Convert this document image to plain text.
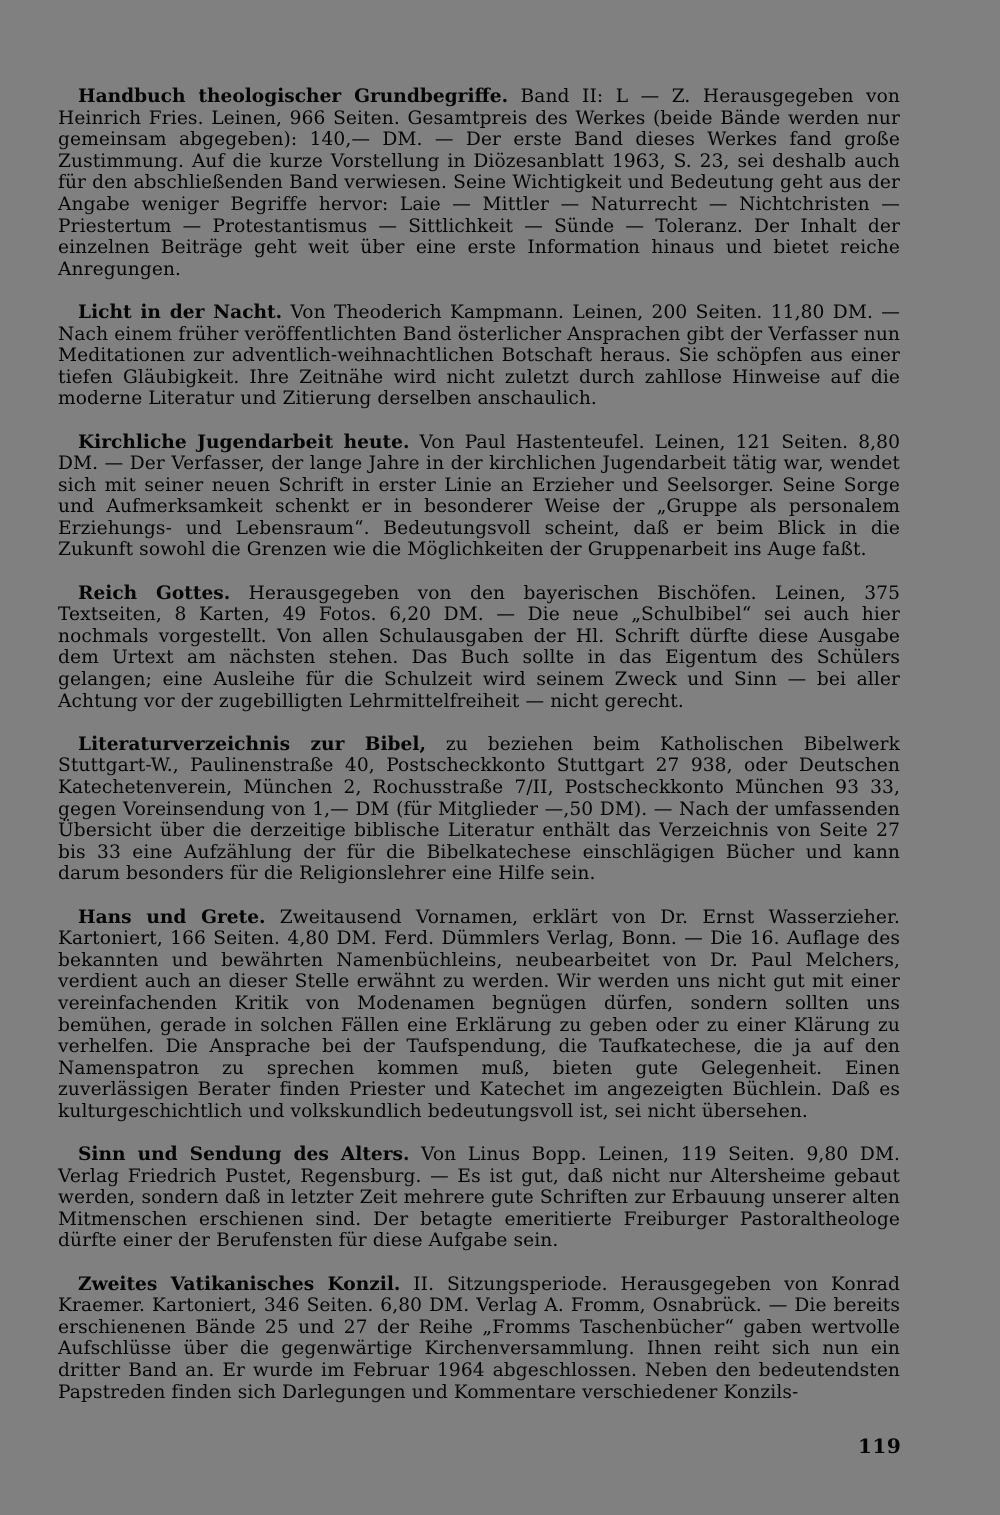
Handbuch theologischer Grundbegriffe. Band II: L — Z. Herausgegeben von Heinrich Fries. Leinen, 966 Seiten. Gesamtpreis des Werkes (beide Bände werden nur gemeinsam abgegeben): 140,— DM. — Der erste Band dieses Werkes fand große Zustimmung. Auf die kurze Vorstellung in Diözesanblatt 1963, S. 23, sei deshalb auch für den abschließenden Band verwiesen. Seine Wichtigkeit und Bedeutung geht aus der Angabe weniger Begriffe hervor: Laie — Mittler — Naturrecht — Nichtchristen — Priestertum — Protestantismus — Sittlichkeit — Sünde — Toleranz. Der Inhalt der einzelnen Beiträge geht weit über eine erste Information hinaus und bietet reiche Anregungen.

Licht in der Nacht. Von Theoderich Kampmann. Leinen, 200 Seiten. 11,80 DM. — Nach einem früher veröffentlichten Band österlicher Ansprachen gibt der Verfasser nun Meditationen zur adventlich-weihnachtlichen Botschaft heraus. Sie schöpfen aus einer tiefen Gläubigkeit. Ihre Zeitnähe wird nicht zuletzt durch zahllose Hinweise auf die moderne Literatur und Zitierung derselben anschaulich.

Kirchliche Jugendarbeit heute. Von Paul Hastenteufel. Leinen, 121 Seiten. 8,80 DM. — Der Verfasser, der lange Jahre in der kirchlichen Jugendarbeit tätig war, wendet sich mit seiner neuen Schrift in erster Linie an Erzieher und Seelsorger. Seine Sorge und Aufmerksamkeit schenkt er in besonderer Weise der „Gruppe als personalem Erziehungs- und Lebensraum“. Bedeutungsvoll scheint, daß er beim Blick in die Zukunft sowohl die Grenzen wie die Möglichkeiten der Gruppenarbeit ins Auge faßt.

Reich Gottes. Herausgegeben von den bayerischen Bischöfen. Leinen, 375 Textseiten, 8 Karten, 49 Fotos. 6,20 DM. — Die neue „Schulbibel“ sei auch hier nochmals vorgestellt. Von allen Schulausgaben der Hl. Schrift dürfte diese Ausgabe dem Urtext am nächsten stehen. Das Buch sollte in das Eigentum des Schülers gelangen; eine Ausleihe für die Schulzeit wird seinem Zweck und Sinn — bei aller Achtung vor der zugebilligten Lehrmittelfreiheit — nicht gerecht.

Literaturverzeichnis zur Bibel, zu beziehen beim Katholischen Bibelwerk Stuttgart-W., Paulinenstraße 40, Postscheckkonto Stuttgart 27 938, oder Deutschen Katechetenverein, München 2, Rochusstraße 7/II, Postscheckkonto München 93 33, gegen Voreinsendung von 1,— DM (für Mitglieder —,50 DM). — Nach der umfassenden Übersicht über die derzeitige biblische Literatur enthält das Verzeichnis von Seite 27 bis 33 eine Aufzählung der für die Bibelkatechese einschlägigen Bücher und kann darum besonders für die Religionslehrer eine Hilfe sein.

Hans und Grete. Zweitausend Vornamen, erklärt von Dr. Ernst Wasserzieher. Kartoniert, 166 Seiten. 4,80 DM. Ferd. Dümmlers Verlag, Bonn. — Die 16. Auflage des bekannten und bewährten Namenbüchleins, neubearbeitet von Dr. Paul Melchers, verdient auch an dieser Stelle erwähnt zu werden. Wir werden uns nicht gut mit einer vereinfachenden Kritik von Modenamen begnügen dürfen, sondern sollten uns bemühen, gerade in solchen Fällen eine Erklärung zu geben oder zu einer Klärung zu verhelfen. Die Ansprache bei der Taufspendung, die Taufkatechese, die ja auf den Namenspatron zu sprechen kommen muß, bieten gute Gelegenheit. Einen zuverlässigen Berater finden Priester und Katechet im angezeigten Büchlein. Daß es kulturgeschichtlich und volkskundlich bedeutungsvoll ist, sei nicht übersehen.

Sinn und Sendung des Alters. Von Linus Bopp. Leinen, 119 Seiten. 9,80 DM. Verlag Friedrich Pustet, Regensburg. — Es ist gut, daß nicht nur Altersheime gebaut werden, sondern daß in letzter Zeit mehrere gute Schriften zur Erbauung unserer alten Mitmenschen erschienen sind. Der betagte emeritierte Freiburger Pastoraltheologe dürfte einer der Berufensten für diese Aufgabe sein.

Zweites Vatikanisches Konzil. II. Sitzungsperiode. Herausgegeben von Konrad Kraemer. Kartoniert, 346 Seiten. 6,80 DM. Verlag A. Fromm, Osnabrück. — Die bereits erschienenen Bände 25 und 27 der Reihe „Fromms Taschenbücher“ gaben wertvolle Aufschlüsse über die gegenwärtige Kirchenversammlung. Ihnen reiht sich nun ein dritter Band an. Er wurde im Februar 1964 abgeschlossen. Neben den bedeutendsten Papstreden finden sich Darlegungen und Kommentare verschiedener Konzils-

119
